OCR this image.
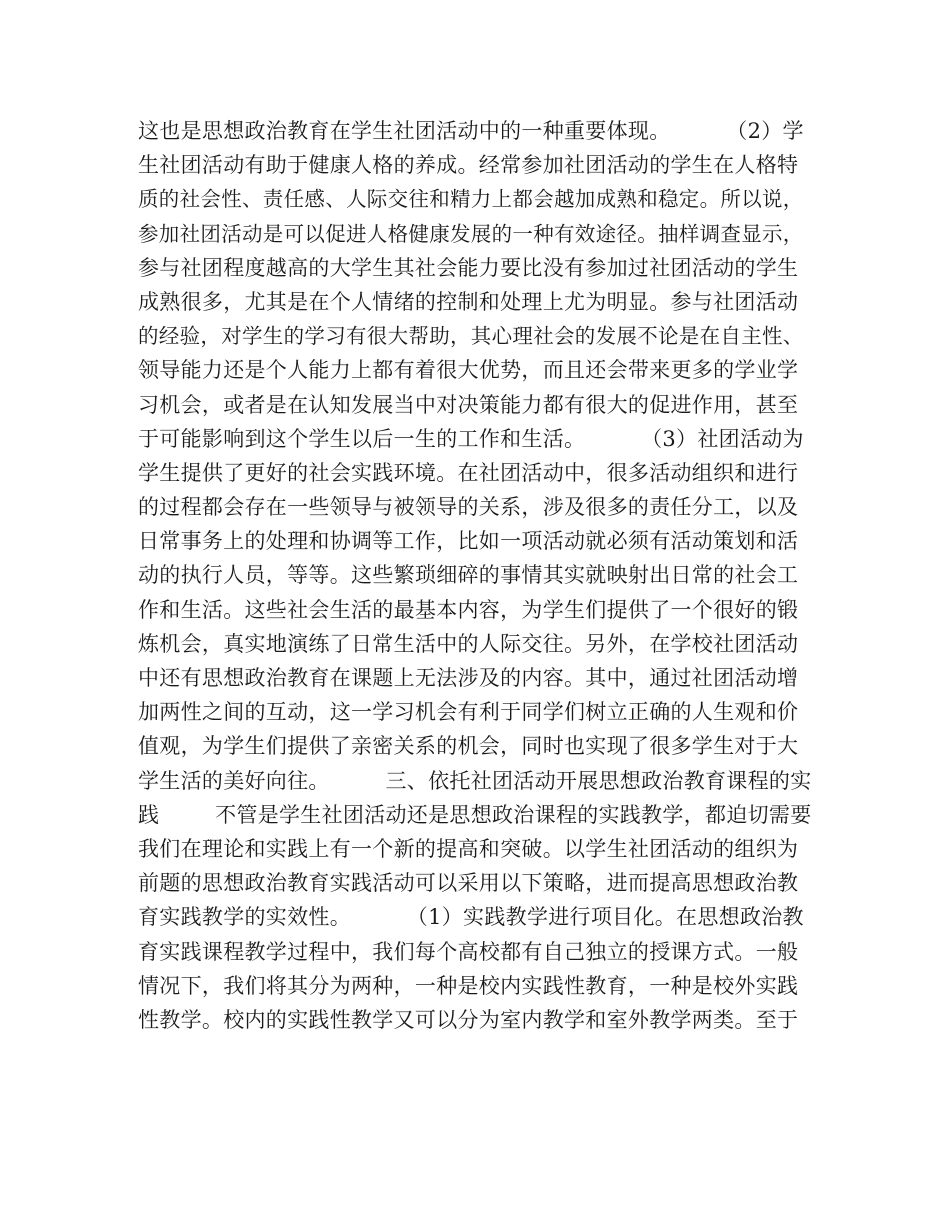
这也是思想政治教育在学生社团活动中的一种重要体现。        （2）学
生社团活动有助于健康人格的养成。经常参加社团活动的学生在人格特
质的社会性、责任感、人际交往和精力上都会越加成熟和稳定。所以说，
参加社团活动是可以促进人格健康发展的一种有效途径。抽样调查显示，
参与社团程度越高的大学生其社会能力要比没有参加过社团活动的学生
成熟很多，尤其是在个人情绪的控制和处理上尤为明显。参与社团活动
的经验，对学生的学习有很大帮助，其心理社会的发展不论是在自主性、
领导能力还是个人能力上都有着很大优势，而且还会带来更多的学业学
习机会，或者是在认知发展当中对决策能力都有很大的促进作用，甚至
于可能影响到这个学生以后一生的工作和生活。        （3）社团活动为
学生提供了更好的社会实践环境。在社团活动中，很多活动组织和进行
的过程都会存在一些领导与被领导的关系，涉及很多的责任分工，以及
日常事务上的处理和协调等工作，比如一项活动就必须有活动策划和活
动的执行人员，等等。这些繁琐细碎的事情其实就映射出日常的社会工
作和生活。这些社会生活的最基本内容，为学生们提供了一个很好的锻
炼机会，真实地演练了日常生活中的人际交往。另外，在学校社团活动
中还有思想政治教育在课题上无法涉及的内容。其中，通过社团活动增
加两性之间的互动，这一学习机会有利于同学们树立正确的人生观和价
值观，为学生们提供了亲密关系的机会，同时也实现了很多学生对于大
学生活的美好向往。        三、依托社团活动开展思想政治教育课程的实
践        不管是学生社团活动还是思想政治课程的实践教学，都迫切需要
我们在理论和实践上有一个新的提高和突破。以学生社团活动的组织为
前题的思想政治教育实践活动可以采用以下策略，进而提高思想政治教
育实践教学的实效性。        （1）实践教学进行项目化。在思想政治教
育实践课程教学过程中，我们每个高校都有自己独立的授课方式。一般
情况下，我们将其分为两种，一种是校内实践性教育，一种是校外实践
性教学。校内的实践性教学又可以分为室内教学和室外教学两类。至于
